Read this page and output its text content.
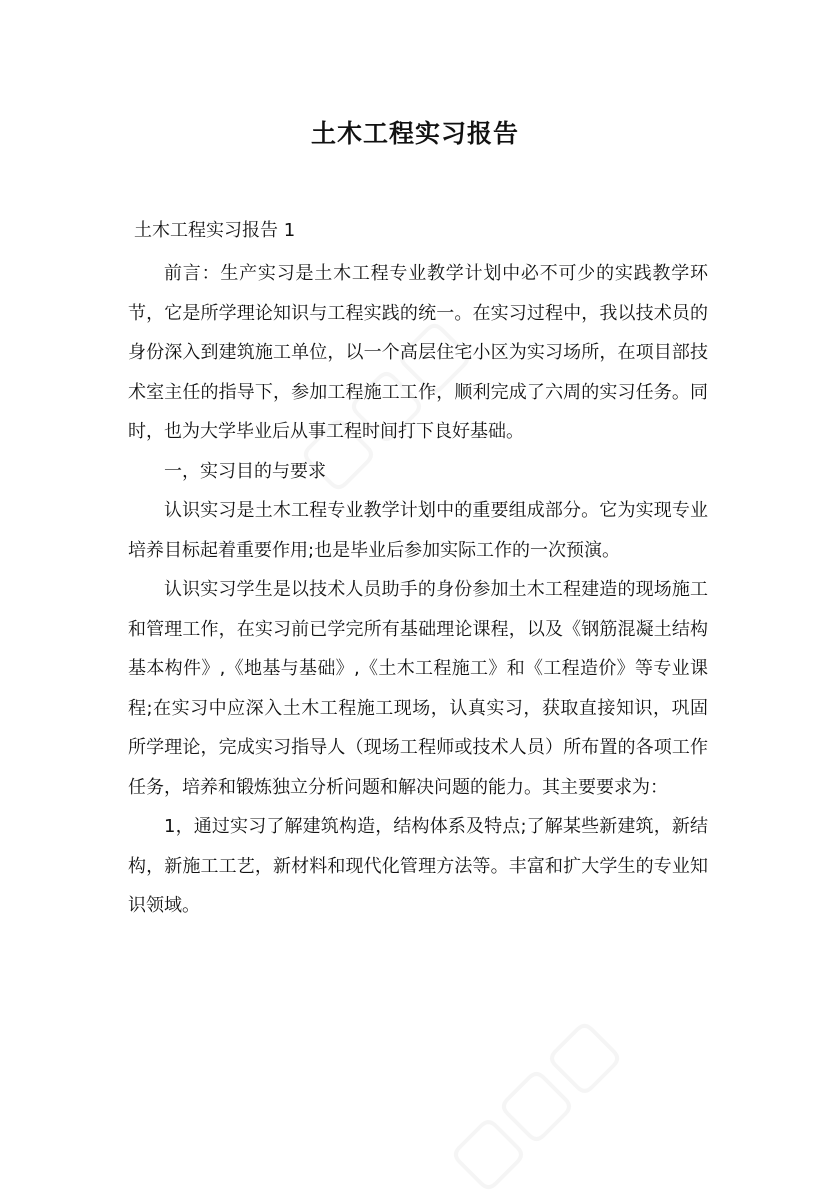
土木工程实习报告
土木工程实习报告 1

前言：生产实习是土木工程专业教学计划中必不可少的实践教学环节，它是所学理论知识与工程实践的统一。在实习过程中，我以技术员的身份深入到建筑施工单位，以一个高层住宅小区为实习场所，在项目部技术室主任的指导下，参加工程施工工作，顺利完成了六周的实习任务。同时，也为大学毕业后从事工程时间打下良好基础。

一，实习目的与要求

认识实习是土木工程专业教学计划中的重要组成部分。它为实现专业培养目标起着重要作用;也是毕业后参加实际工作的一次预演。

认识实习学生是以技术人员助手的身份参加土木工程建造的现场施工和管理工作，在实习前已学完所有基础理论课程，以及《钢筋混凝土结构基本构件》,《地基与基础》,《土木工程施工》和《工程造价》等专业课程;在实习中应深入土木工程施工现场，认真实习，获取直接知识，巩固所学理论，完成实习指导人（现场工程师或技术人员）所布置的各项工作任务，培养和锻炼独立分析问题和解决问题的能力。其主要要求为：

1，通过实习了解建筑构造，结构体系及特点;了解某些新建筑，新结构，新施工工艺，新材料和现代化管理方法等。丰富和扩大学生的专业知识领域。
